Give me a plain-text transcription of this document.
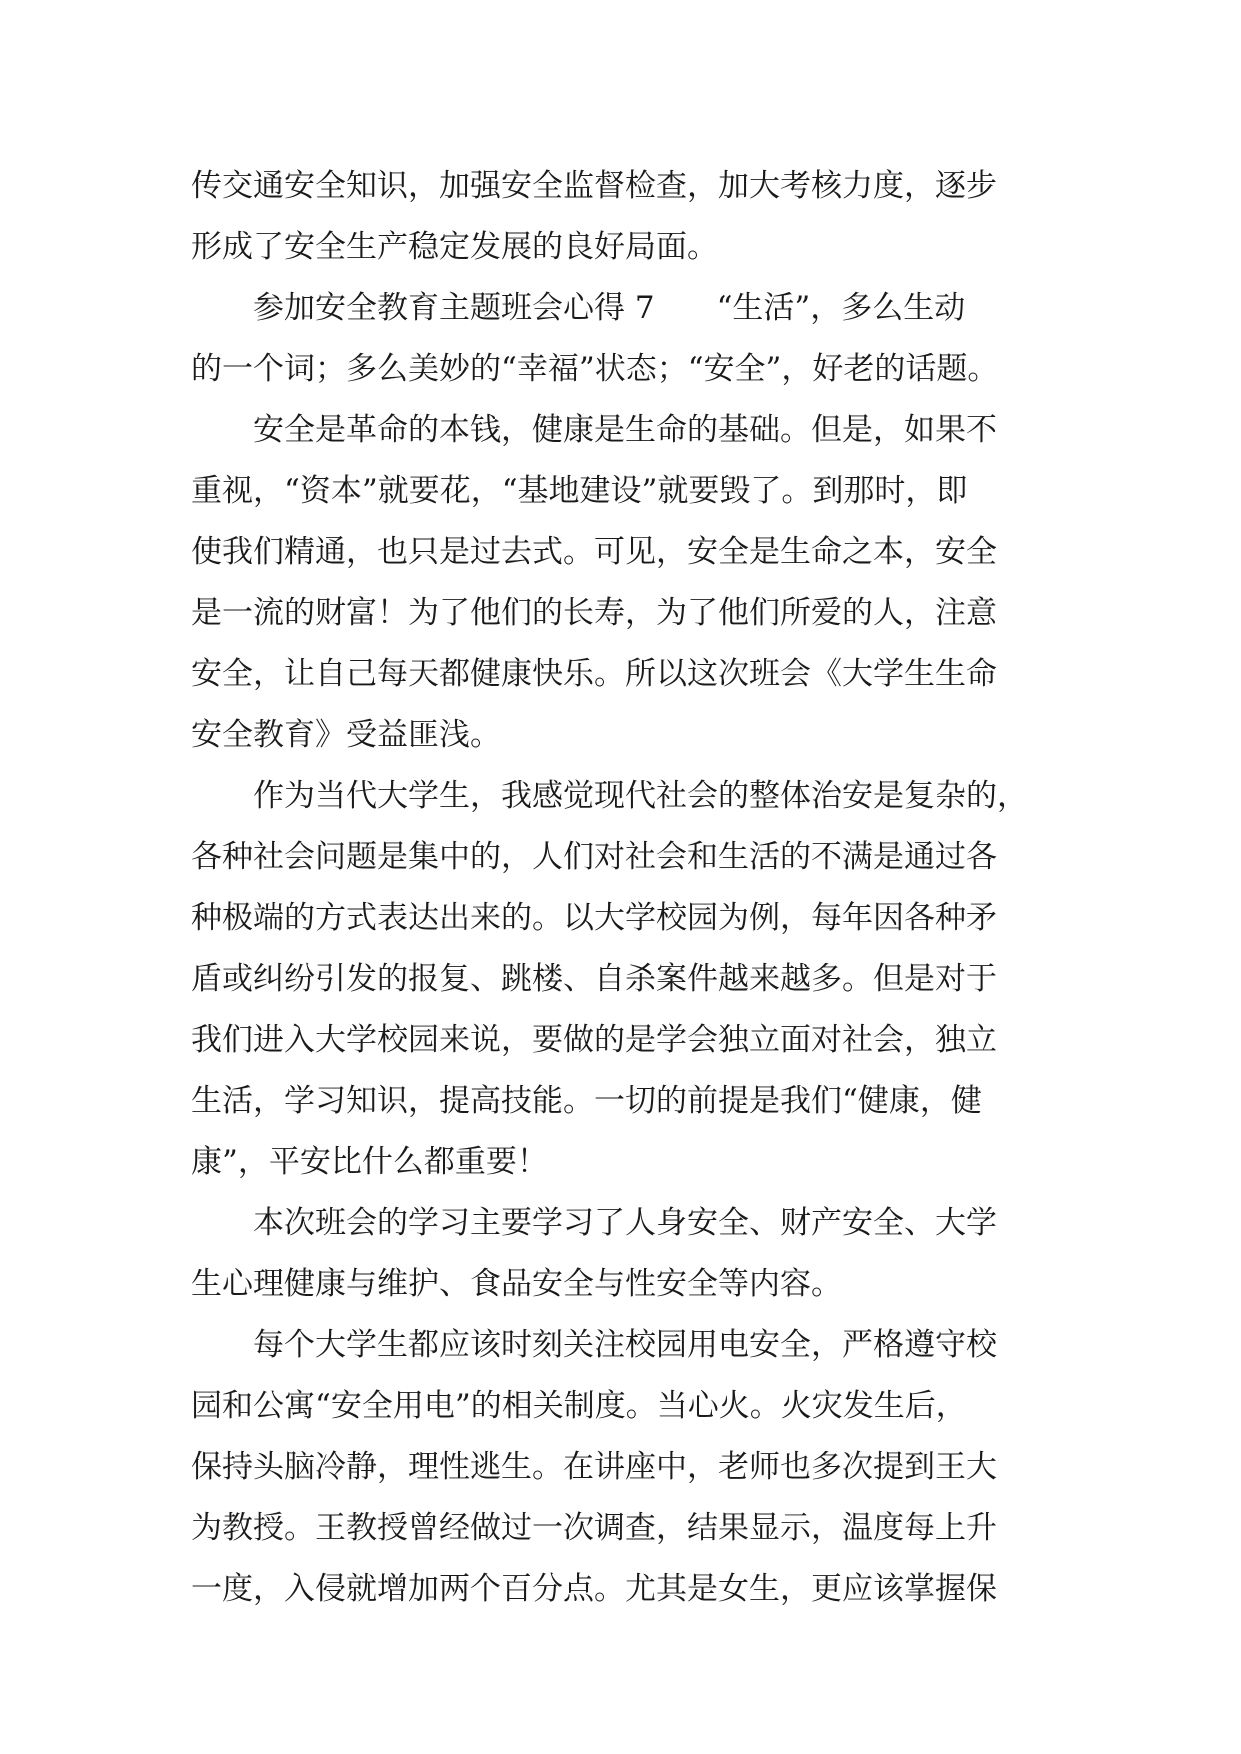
传交通安全知识，加强安全监督检查，加大考核力度，逐步
形成了安全生产稳定发展的良好局面。
　　参加安全教育主题班会心得 7　　“生活”，多么生动
的一个词；多么美妙的“幸福”状态；“安全”，好老的话题。
　　安全是革命的本钱，健康是生命的基础。但是，如果不
重视，“资本”就要花，“基地建设”就要毁了。到那时，即
使我们精通，也只是过去式。可见，安全是生命之本，安全
是一流的财富！为了他们的长寿，为了他们所爱的人，注意
安全，让自己每天都健康快乐。所以这次班会《大学生生命
安全教育》受益匪浅。
　　作为当代大学生，我感觉现代社会的整体治安是复杂的，
各种社会问题是集中的，人们对社会和生活的不满是通过各
种极端的方式表达出来的。以大学校园为例，每年因各种矛
盾或纠纷引发的报复、跳楼、自杀案件越来越多。但是对于
我们进入大学校园来说，要做的是学会独立面对社会，独立
生活，学习知识，提高技能。一切的前提是我们“健康，健
康”，平安比什么都重要！
　　本次班会的学习主要学习了人身安全、财产安全、大学
生心理健康与维护、食品安全与性安全等内容。
　　每个大学生都应该时刻关注校园用电安全，严格遵守校
园和公寓“安全用电”的相关制度。当心火。火灾发生后，
保持头脑冷静，理性逃生。在讲座中，老师也多次提到王大
为教授。王教授曾经做过一次调查，结果显示，温度每上升
一度，入侵就增加两个百分点。尤其是女生，更应该掌握保
